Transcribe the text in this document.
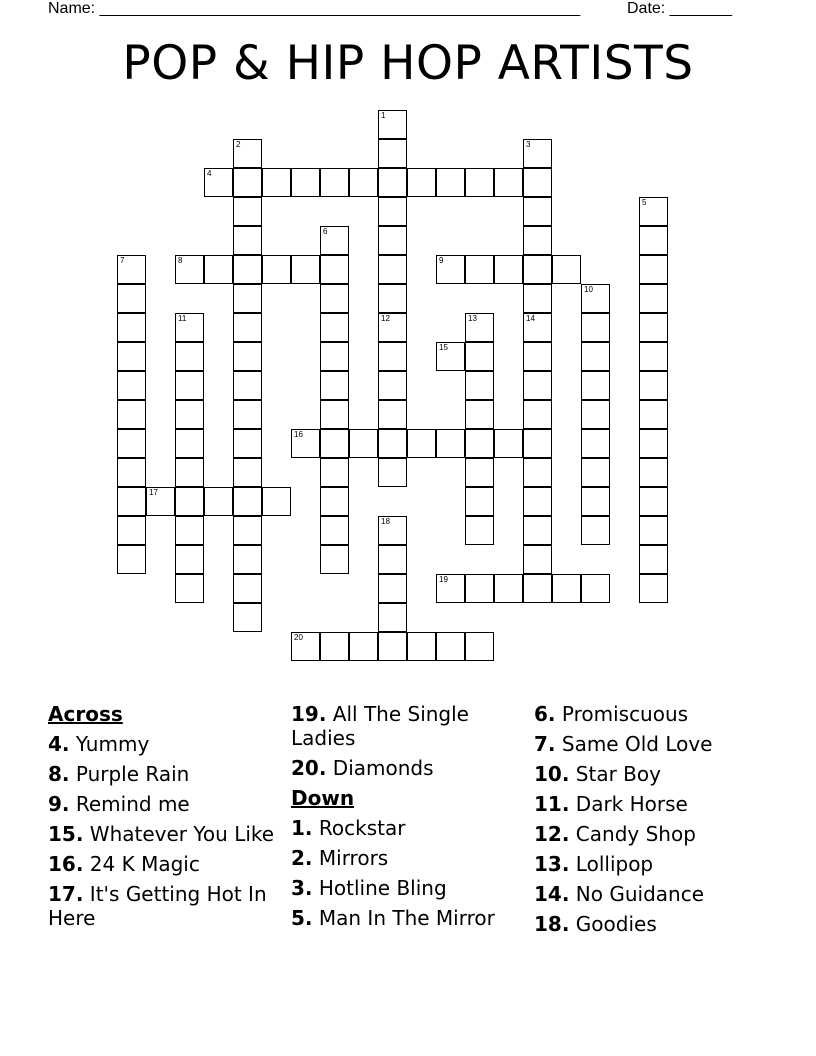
Name: ______________________________________________________	Date: _______
POP & HIP HOP ARTISTS
1
2	3
4
5
6
7	8	9
10
11	12	13	14
15
16
17
18
19
20
Across
4. Yummy
8. Purple Rain
9. Remind me
15. Whatever You Like
16. 24 K Magic
17. It's Getting Hot In Here
19. All The Single Ladies
20. Diamonds
Down
1. Rockstar
2. Mirrors
3. Hotline Bling
5. Man In The Mirror
6. Promiscuous
7. Same Old Love
10. Star Boy
11. Dark Horse
12. Candy Shop
13. Lollipop
14. No Guidance
18. Goodies
